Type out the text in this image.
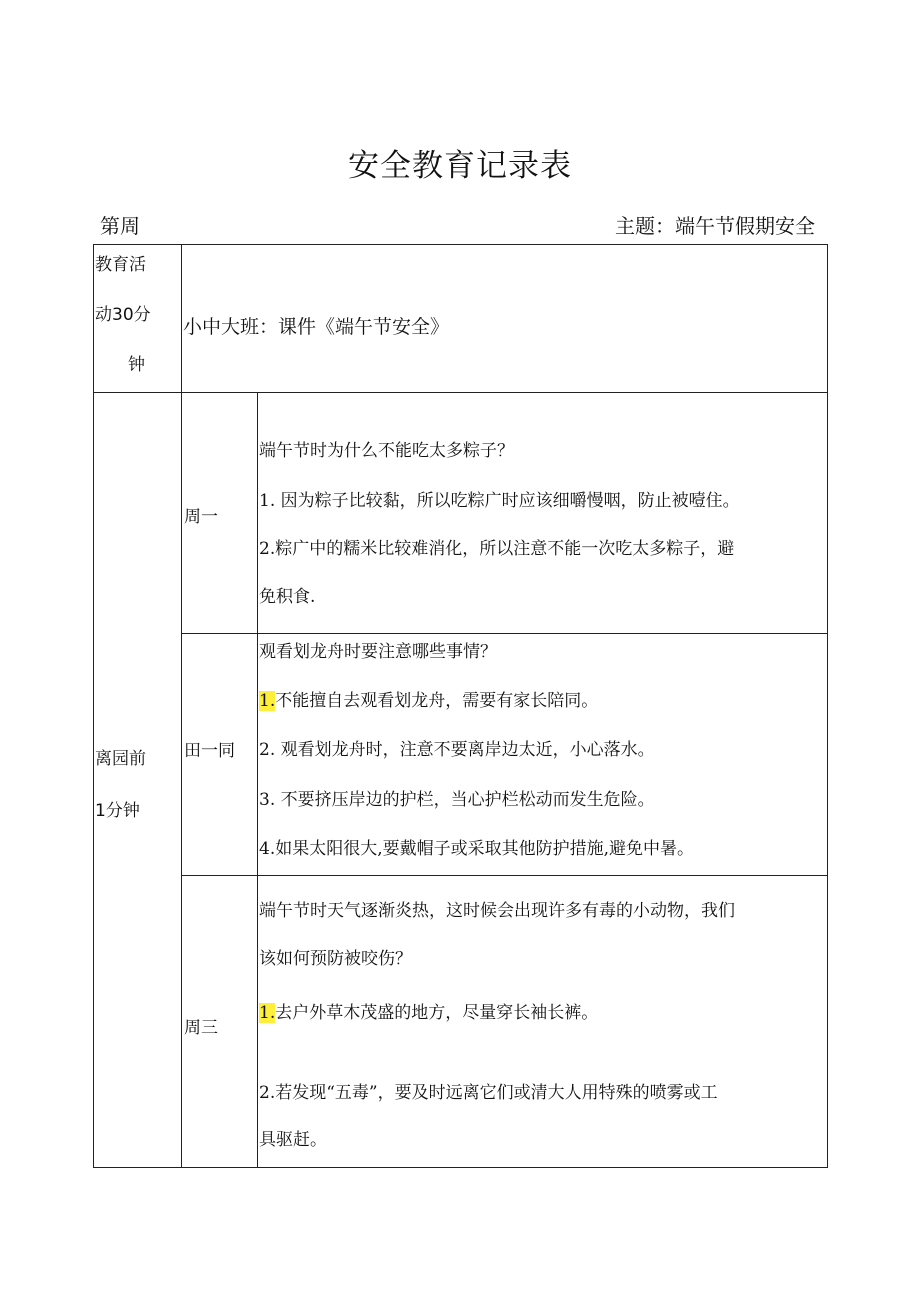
安全教育记录表
第周	主题：端午节假期安全
教育活
动30分
钟
小中大班：课件《端午节安全》
离园前
1分钟
周一
端午节时为什么不能吃太多粽子？
1. 因为粽子比较黏，所以吃粽广时应该细嚼慢咽，防止被噎住。
2.粽广中的糯米比较难消化，所以注意不能一次吃太多粽子，避
免积食.
田一同
观看划龙舟时要注意哪些事情？
1.不能擅自去观看划龙舟，需要有家长陪同。
2. 观看划龙舟时，注意不要离岸边太近，小心落水。
3. 不要挤压岸边的护栏，当心护栏松动而发生危险。
4.如果太阳很大,要戴帽子或采取其他防护措施,避免中暑。
周三
端午节时天气逐渐炎热，这时候会出现许多有毒的小动物，我们
该如何预防被咬伤？
1.去户外草木茂盛的地方，尽量穿长袖长裤。
2.若发现“五毒”，要及时远离它们或清大人用特殊的喷雾或工
具驱赶。
